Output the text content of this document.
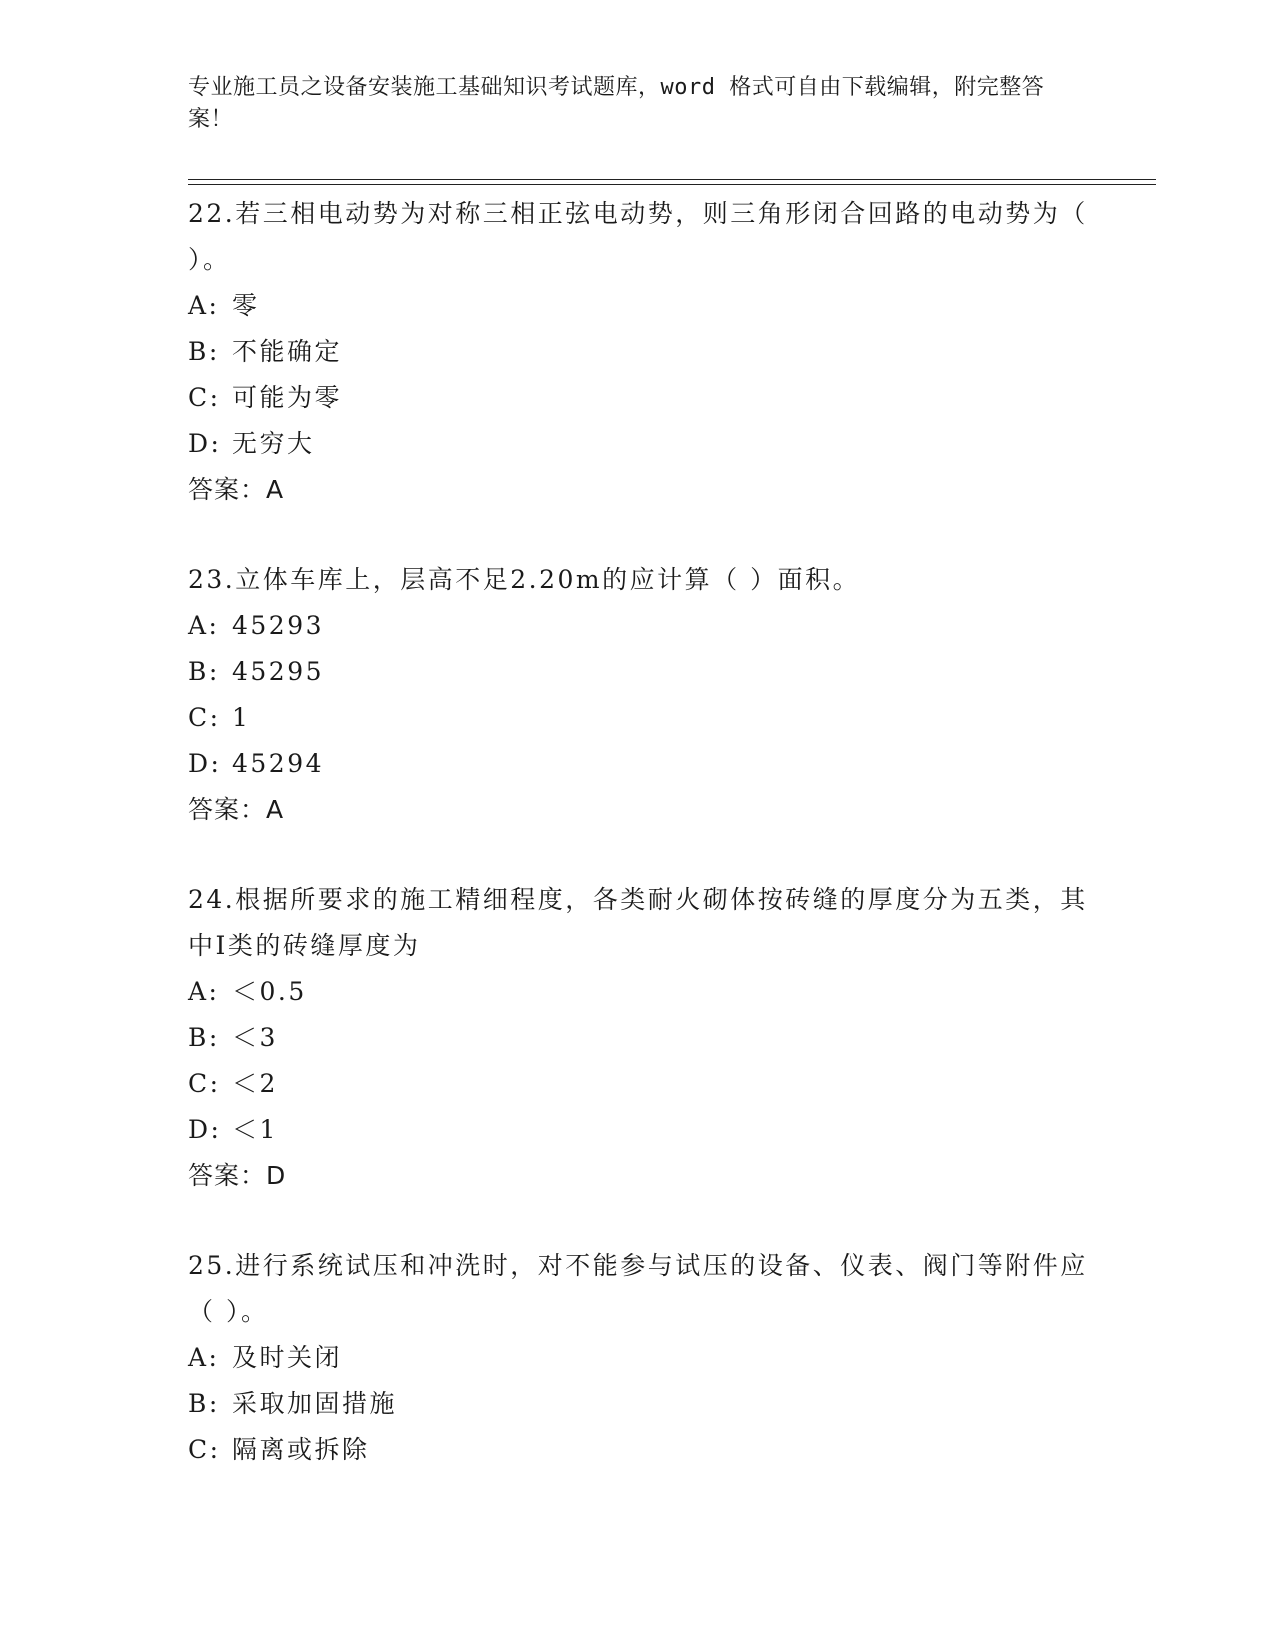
专业施工员之设备安装施工基础知识考试题库，word 格式可自由下载编辑，附完整答案！

22.若三相电动势为对称三相正弦电动势，则三角形闭合回路的电动势为（ ）。

A: 零

B: 不能确定

C: 可能为零

D: 无穷大

答案：A

23.立体车库上，层高不足2.20m的应计算（ ）面积。

A: 45293

B: 45295

C: 1

D: 45294

答案：A

24.根据所要求的施工精细程度，各类耐火砌体按砖缝的厚度分为五类，其中Ⅰ类的砖缝厚度为

A: ＜0.5

B: ＜3

C: ＜2

D: ＜1

答案：D

25.进行系统试压和冲洗时，对不能参与试压的设备、仪表、阀门等附件应（ ）。

A: 及时关闭

B: 采取加固措施

C: 隔离或拆除
